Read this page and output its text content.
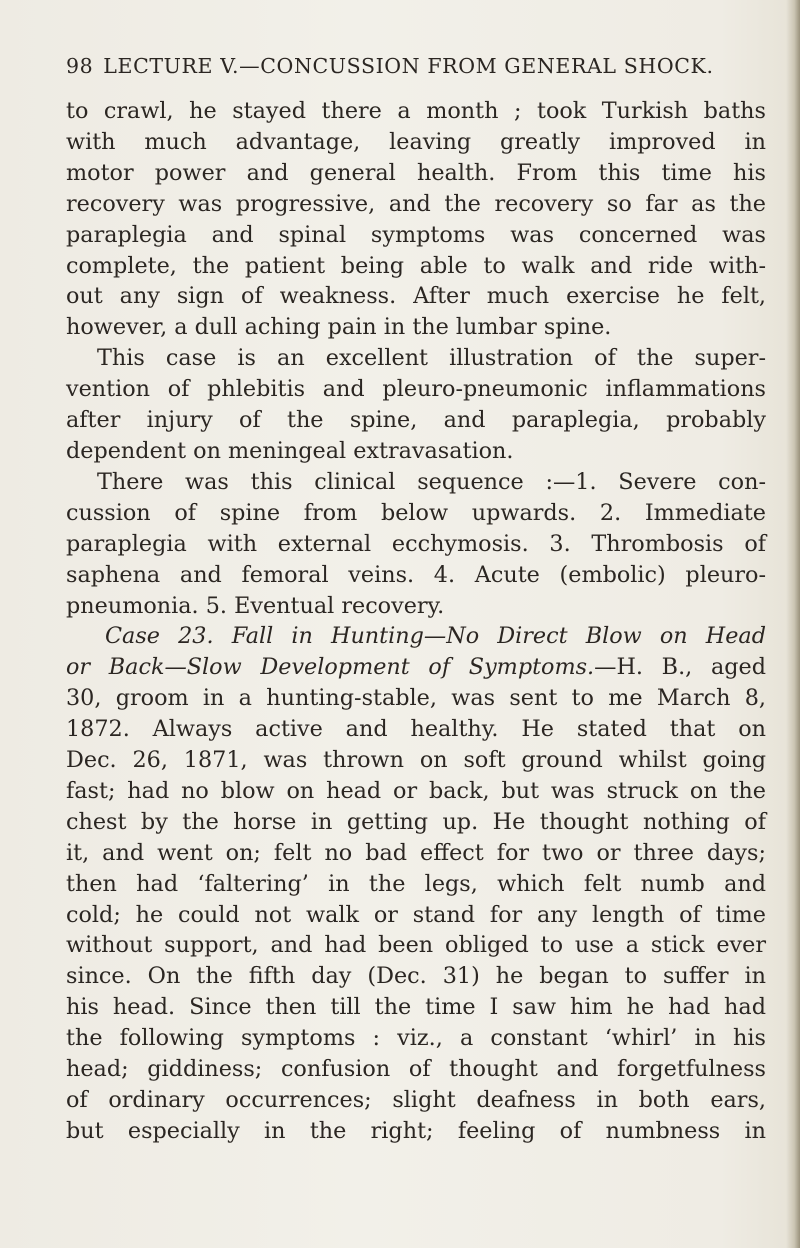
98 LECTURE V.—CONCUSSION FROM GENERAL SHOCK.
to crawl, he stayed there a month ; took Turkish baths
with much advantage, leaving greatly improved in
motor power and general health. From this time his
recovery was progressive, and the recovery so far as the
paraplegia and spinal symptoms was concerned was
complete, the patient being able to walk and ride with-
out any sign of weakness. After much exercise he felt,
however, a dull aching pain in the lumbar spine.
This case is an excellent illustration of the super-
vention of phlebitis and pleuro-pneumonic inflammations
after injury of the spine, and paraplegia, probably
dependent on meningeal extravasation.
There was this clinical sequence :—1. Severe con-
cussion of spine from below upwards. 2. Immediate
paraplegia with external ecchymosis. 3. Thrombosis of
saphena and femoral veins. 4. Acute (embolic) pleuro-
pneumonia. 5. Eventual recovery.
Case 23. Fall in Hunting—No Direct Blow on Head
or Back—Slow Development of Symptoms.—H. B., aged
30, groom in a hunting-stable, was sent to me March 8,
1872. Always active and healthy. He stated that on
Dec. 26, 1871, was thrown on soft ground whilst going
fast; had no blow on head or back, but was struck on the
chest by the horse in getting up. He thought nothing of
it, and went on; felt no bad effect for two or three days;
then had ‘faltering’ in the legs, which felt numb and
cold; he could not walk or stand for any length of time
without support, and had been obliged to use a stick ever
since. On the fifth day (Dec. 31) he began to suffer in
his head. Since then till the time I saw him he had had
the following symptoms : viz., a constant ‘whirl’ in his
head; giddiness; confusion of thought and forgetfulness
of ordinary occurrences; slight deafness in both ears,
but especially in the right; feeling of numbness in
